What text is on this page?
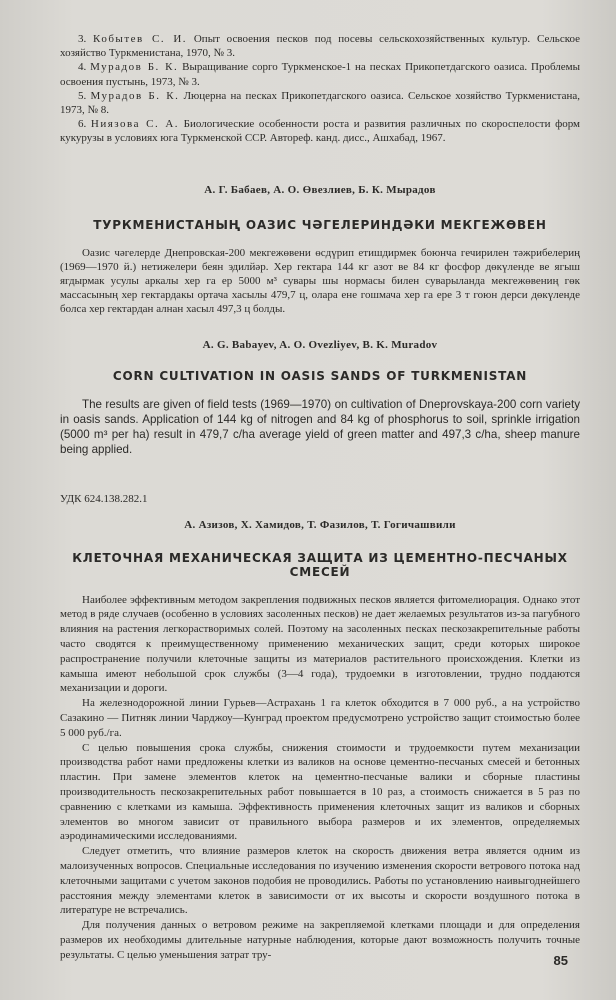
3. Кобытев С. И. Опыт освоения песков под посевы сельскохозяйственных культур. Сельское хозяйство Туркменистана, 1970, № 3.

4. Мурадов Б. К. Выращивание сорго Туркменское-1 на песках Прикопетдагского оазиса. Проблемы освоения пустынь, 1973, № 3.

5. Мурадов Б. К. Люцерна на песках Прикопетдагского оазиса. Сельское хозяйство Туркменистана, 1973, № 8.

6. Ниязова С. А. Биологические особенности роста и развития различных по скороспелости форм кукурузы в условиях юга Туркменской ССР. Автореф. канд. дисс., Ашхабад, 1967.

А. Г. Бабаев, А. О. Өвезлиев, Б. К. Мырадов

ТУРКМЕНИСТАНЫҢ ОАЗИС ЧӘГЕЛЕРИНДӘКИ МЕКГЕЖӨВЕН

Оазис чәгелерде Днепровская-200 мекгежөвени өсдүрип етишдирмек боюнча гечирилен тәжрибелериң (1969—1970 й.) нетижелери беян эдилйәр. Хер гектара 144 кг азот ве 84 кг фосфор дөкүленде ве ягыш ягдырмак усулы аркалы хер га ер 5000 м³ сувары шы нормасы билен суварыланда мекгежөвениң гөк массасының хер гектардакы ортача хасылы 479,7 ц, олара ене гошмача хер га ере 3 т гоюн дерси дөкүленде болса хер гектардан алнан хасыл 497,3 ц болды.

A. G. Babayev, A. O. Ovezliyev, B. K. Muradov

CORN CULTIVATION IN OASIS SANDS OF TURKMENISTAN

The results are given of field tests (1969—1970) on cultivation of Dneprovskaya-200 corn variety in oasis sands. Application of 144 kg of nitrogen and 84 kg of phosphorus to soil, sprinkle irrigation (5000 m³ per ha) result in 479,7 c/ha average yield of green matter and 497,3 c/ha, sheep manure being applied.

УДК 624.138.282.1

А. Азизов, Х. Хамидов, Т. Фазилов, Т. Гогичашвили

КЛЕТОЧНАЯ МЕХАНИЧЕСКАЯ ЗАЩИТА ИЗ ЦЕМЕНТНО-ПЕСЧАНЫХ СМЕСЕЙ

Наиболее эффективным методом закрепления подвижных песков является фитомелиорация. Однако этот метод в ряде случаев (особенно в условиях засоленных песков) не дает желаемых результатов из-за пагубного влияния на растения легкорастворимых солей. Поэтому на засоленных песках пескозакрепительные работы часто сводятся к преимущественному применению механических защит, среди которых широкое распространение получили клеточные защиты из материалов растительного происхождения. Клетки из камыша имеют небольшой срок службы (3—4 года), трудоемки в изготовлении, трудно поддаются механизации и дороги.

На железнодорожной линии Гурьев—Астрахань 1 га клеток обходится в 7 000 руб., а на устройство Сазакино — Питняк линии Чарджоу—Кунград проектом предусмотрено устройство защит стоимостью более 5 000 руб./га.

С целью повышения срока службы, снижения стоимости и трудоемкости путем механизации производства работ нами предложены клетки из валиков на основе цементно-песчаных смесей и бетонных пластин. При замене элементов клеток на цементно-песчаные валики и сборные пластины производительность пескозакрепительных работ повышается в 10 раз, а стоимость снижается в 5 раз по сравнению с клетками из камыша. Эффективность применения клеточных защит из валиков и сборных элементов во многом зависит от правильного выбора размеров и их элементов, определяемых аэродинамическими исследованиями.

Следует отметить, что влияние размеров клеток на скорость движения ветра является одним из малоизученных вопросов. Специальные исследования по изучению изменения скорости ветрового потока над клеточными защитами с учетом законов подобия не проводились. Работы по установлению наивыгоднейшего расстояния между элементами клеток в зависимости от их высоты и скорости воздушного потока в литературе не встречались.

Для получения данных о ветровом режиме на закрепляемой клетками площади и для определения размеров их необходимы длительные натурные наблюдения, которые дают возможность получить точные результаты. С целью уменьшения затрат тру-	85
